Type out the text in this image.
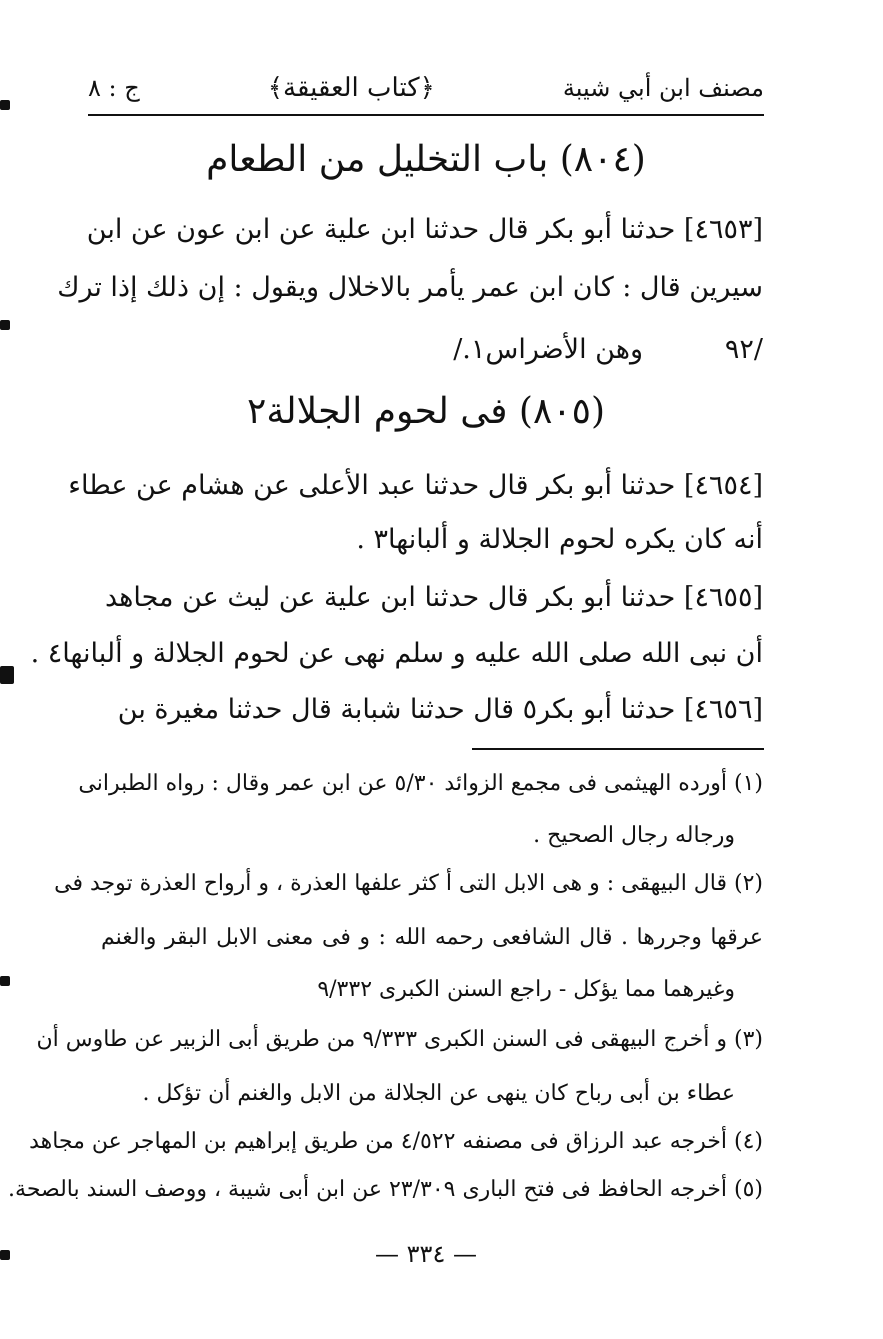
مصنف ابن أبي شيبة
﴿كتاب العقيقة﴾
ج : ٨
(٨٠٤) باب التخليل من الطعام
[٤٦٥٣] حدثنا أبو بكر قال حدثنا ابن علية عن ابن عون عن ابن
سيرين قال : كان ابن عمر يأمر بالاخلال ويقول : إن ذلك إذا ترك
وهن الأضراس١./	/٩٢
(٨٠٥) فى لحوم الجلالة٢
[٤٦٥٤] حدثنا أبو بكر قال حدثنا عبد الأعلى عن هشام عن عطاء
أنه كان يكره لحوم الجلالة و ألبانها٣ .
[٤٦٥٥] حدثنا أبو بكر قال حدثنا ابن علية عن ليث عن مجاهد
أن نبى الله صلى الله عليه و سلم نهى عن لحوم الجلالة و ألبانها٤ .
[٤٦٥٦] حدثنا أبو بكر٥ قال حدثنا شبابة قال حدثنا مغيرة بن
(١) أورده الهيثمى فى مجمع الزوائد ٥/٣٠ عن ابن عمر وقال : رواه الطبرانى
ورجاله رجال الصحيح .
(٢) قال البيهقى : و هى الابل التى أ كثر علفها العذرة ، و أرواح العذرة توجد فى
عرقها وجررها . قال الشافعى رحمه الله : و فى معنى الابل البقر والغنم
وغيرهما مما يؤكل - راجع السنن الكبرى ٩/٣٣٢
(٣) و أخرج البيهقى فى السنن الكبرى ٩/٣٣٣ من طريق أبى الزبير عن طاوس أن
عطاء بن أبى رباح كان ينهى عن الجلالة من الابل والغنم أن تؤكل .
(٤) أخرجه عبد الرزاق فى مصنفه ٤/٥٢٢ من طريق إبراهيم بن المهاجر عن مجاهد
(٥) أخرجه الحافظ فى فتح البارى ٢٣/٣٠٩ عن ابن أبى شيبة ، ووصف السند بالصحة.
— ٣٣٤ —
